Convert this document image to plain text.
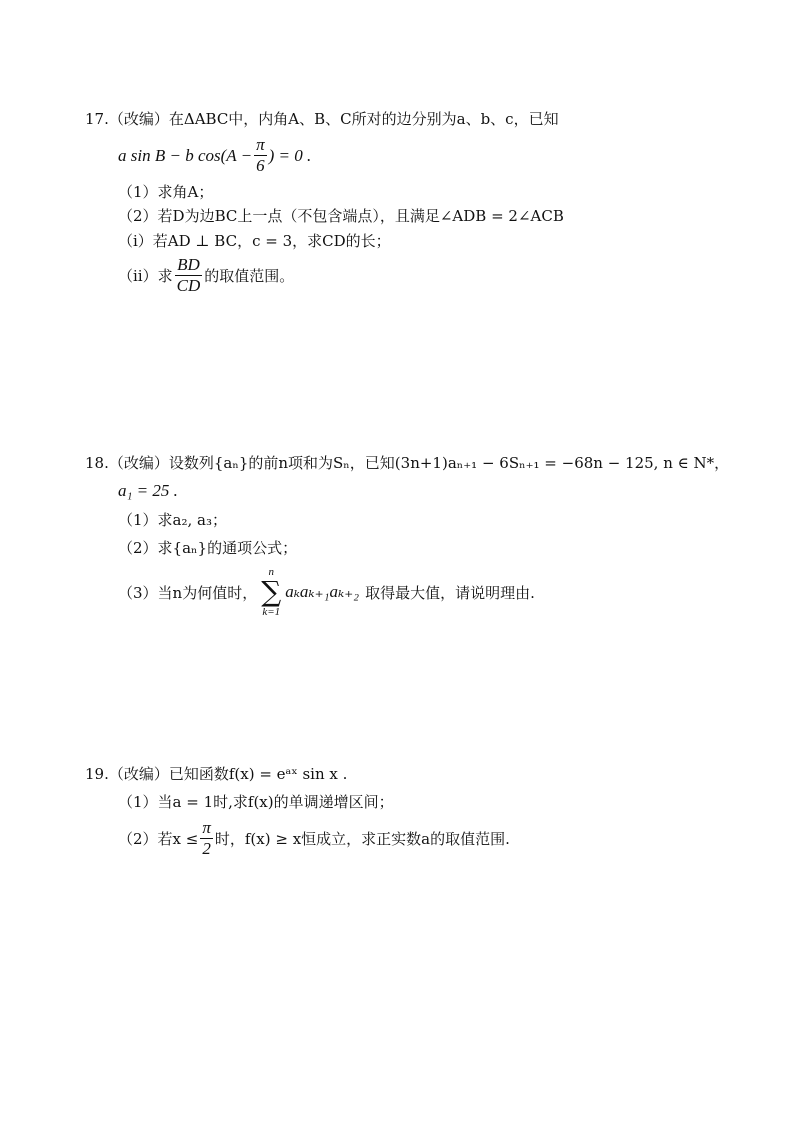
17.（改编）在ΔABC中，内角A、B、C所对的边分别为a、b、c，已知
a sin B − b $\cos(A - \frac{\pi}{6}$ ) = 0 .
（1）求角A；
（2）若D为边BC上一点（不包含端点），且满足∠ADB = 2∠ACB
（ⅰ）若AD ⊥ BC，c = 3，求CD的长；
（ⅱ）求 $\frac{BD}{CD}$ 的取值范围。
18.（改编）设数列{aₙ}的前n项和为Sₙ，已知(3n+1)aₙ₊₁ − 6Sₙ₊₁ = −68n − 125, n ∈ N*，
a₁ = 25 .
（1）求a₂, a₃；
（2）求{aₙ}的通项公式；
（3）当n为何值时，
n
∑
k=1
aₖaₖ₊₁aₖ₊₂ 取得最大值，请说明理由.
19.（改编）已知函数f(x) = eᵃˣ sin x .
（1）当a = 1时,求f(x)的单调递增区间；
（2）若$x \le \frac{\pi}{2}$ 时，f(x) ≥ x恒成立，求正实数a的取值范围.
